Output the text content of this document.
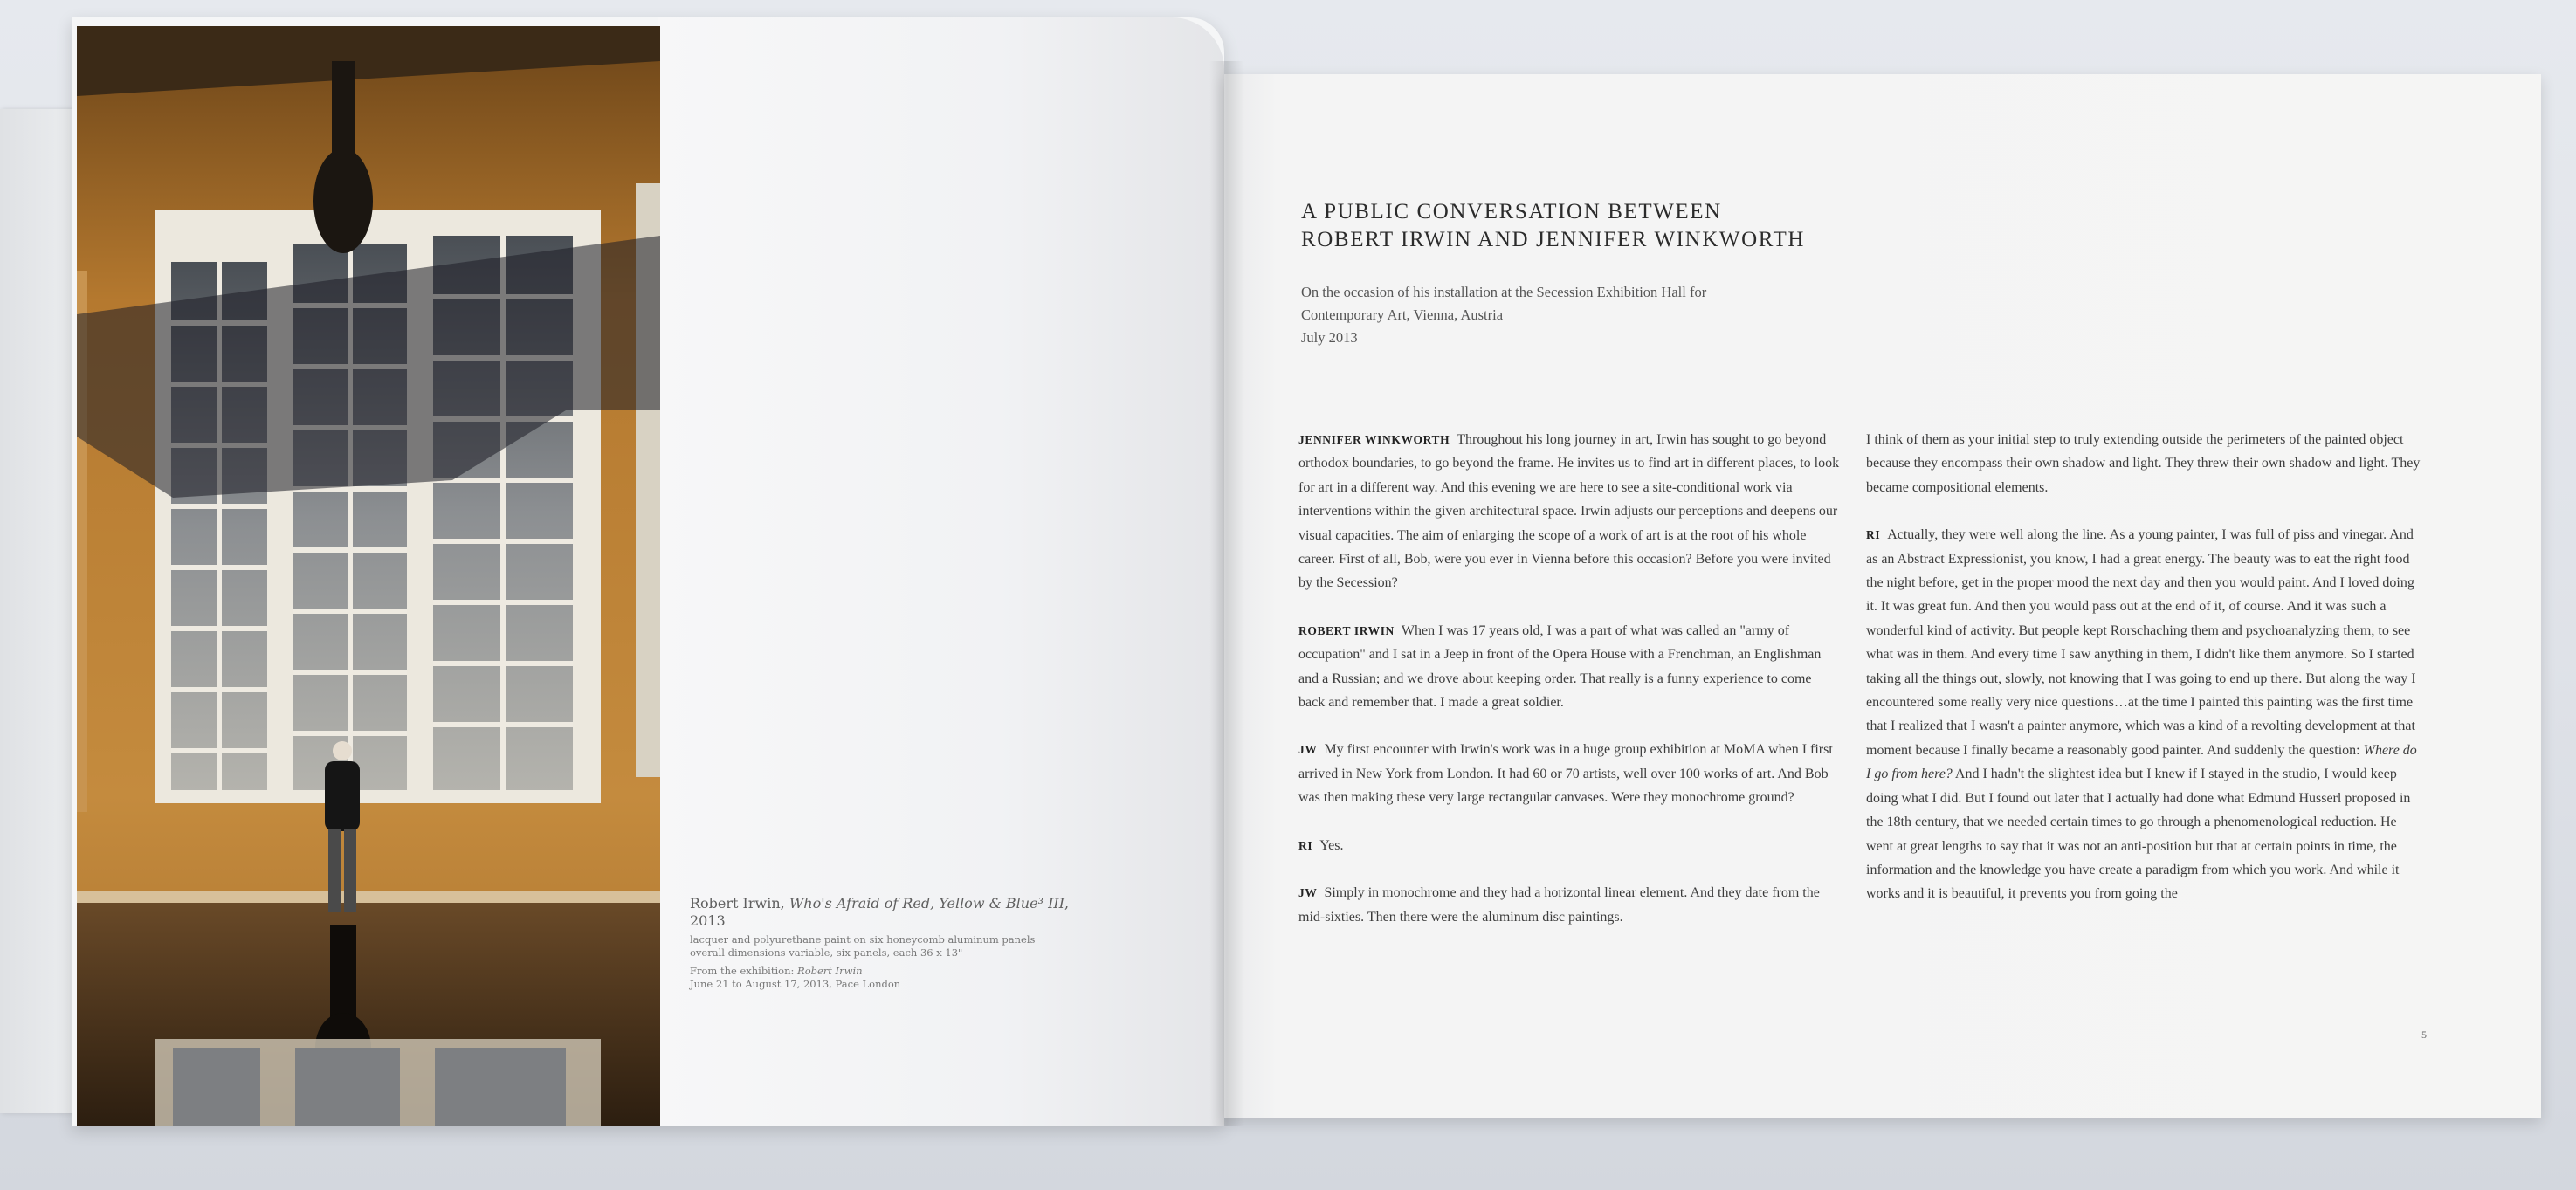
Robert Irwin, Who's Afraid of Red, Yellow & Blue³ III, 2013
lacquer and polyurethane paint on six honeycomb aluminum panels
overall dimensions variable, six panels, each 36 x 13"
From the exhibition: Robert Irwin
June 21 to August 17, 2013, Pace London
A PUBLIC CONVERSATION BETWEEN
ROBERT IRWIN AND JENNIFER WINKWORTH
On the occasion of his installation at the Secession Exhibition Hall for
Contemporary Art, Vienna, Austria
July 2013

JENNIFER WINKWORTH Throughout his long journey in art, Irwin has sought to go beyond orthodox boundaries, to go beyond the frame. He invites us to find art in different places, to look for art in a different way. And this evening we are here to see a site-conditional work via interventions within the given architectural space. Irwin adjusts our perceptions and deepens our visual capacities. The aim of enlarging the scope of a work of art is at the root of his whole career. First of all, Bob, were you ever in Vienna before this occasion? Before you were invited by the Secession?

ROBERT IRWIN When I was 17 years old, I was a part of what was called an "army of occupation" and I sat in a Jeep in front of the Opera House with a Frenchman, an Englishman and a Russian; and we drove about keeping order. That really is a funny experience to come back and remember that. I made a great soldier.

JW My first encounter with Irwin's work was in a huge group exhibition at MoMA when I first arrived in New York from London. It had 60 or 70 artists, well over 100 works of art. And Bob was then making these very large rectangular canvases. Were they monochrome ground?

RI Yes.

JW Simply in monochrome and they had a horizontal linear element. And they date from the mid-sixties. Then there were the aluminum disc paintings.

I think of them as your initial step to truly extending outside the perimeters of the painted object because they encompass their own shadow and light. They threw their own shadow and light. They became compositional elements.

RI Actually, they were well along the line. As a young painter, I was full of piss and vinegar. And as an Abstract Expressionist, you know, I had a great energy. The beauty was to eat the right food the night before, get in the proper mood the next day and then you would paint. And I loved doing it. It was great fun. And then you would pass out at the end of it, of course. And it was such a wonderful kind of activity. But people kept Rorschaching them and psychoanalyzing them, to see what was in them. And every time I saw anything in them, I didn't like them anymore. So I started taking all the things out, slowly, not knowing that I was going to end up there. But along the way I encountered some really very nice questions…at the time I painted this painting was the first time that I realized that I wasn't a painter anymore, which was a kind of a revolting development at that moment because I finally became a reasonably good painter. And suddenly the question: Where do I go from here? And I hadn't the slightest idea but I knew if I stayed in the studio, I would keep doing what I did. But I found out later that I actually had done what Edmund Husserl proposed in the 18th century, that we needed certain times to go through a phenomenological reduction. He went at great lengths to say that it was not an anti-position but that at certain points in time, the information and the knowledge you have create a paradigm from which you work. And while it works and it is beautiful, it prevents you from going the

5
